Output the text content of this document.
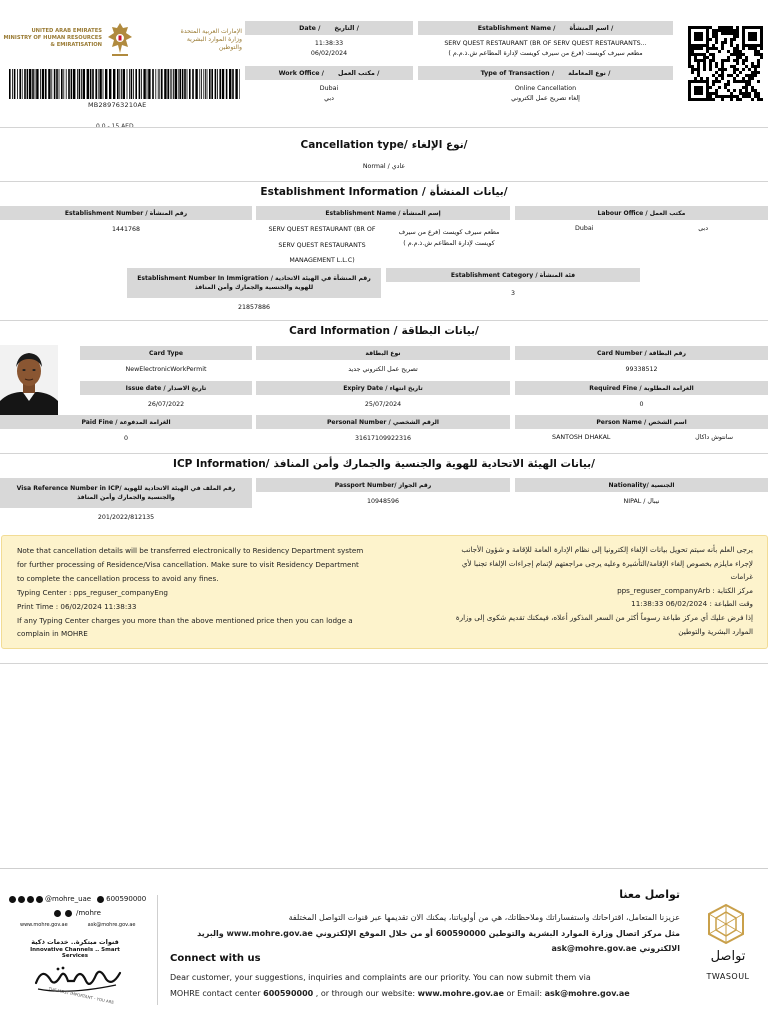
UNITED ARAB EMIRATES
MINISTRY OF HUMAN RESOURCES
& EMIRATISATION
الإمارات العربية المتحدة
وزارة الموارد البشرية
والتوطين
MB289763210AE
Date / التاريخ /
11:38:33
06/02/2024
Establishment Name / اسم المنشأة /
SERV QUEST RESTAURANT (BR OF SERV QUEST RESTAURANTS...
مطعم سيرف كويست (فرع من سيرف كويست لإدارة المطاعم ش.ذ.م.م )
Work Office / مكتب العمل /
Dubai
دبي
Type of Transaction / نوع المعاملة /
Online Cancellation
إلغاء تصريح عمل الكتروني
Cancellation type/ نوع الإلغاء/
Normal / عادي
Establishment Information / بيانات المنشأة/
Establishment Number / رقم المنشأة
1441768
Establishment Name / إسم المنشأة
SERV QUEST RESTAURANT (BR OF SERV QUEST RESTAURANTS MANAGEMENT L.L.C)
مطعم سيرف كويست (فرع من سيرف كويست لإدارة المطاعم ش.ذ.م.م )
Labour Office / مكتب العمل
Dubai	دبى
Establishment Number In Immigration / رقم المنشأة في الهيئة الاتحادية للهوية والجنسية والجمارك وأمن المنافذ
21857886
Establishment Category / فئة المنشأة
3
Card Information / بيانات البطاقة/
Card Type
NewElectronicWorkPermit
نوع البطاقة
تصريح عمل الكتروني جديد
Card Number / رقم البطاقة
99338512
Issue date / تاريخ الاصدار
26/07/2022
Expiry Date / تاريخ انتهاء
25/07/2024
Required Fine / الغرامة المطلوبة
0
Paid Fine / الغرامة المدفوعة
0
Personal Number / الرقم الشخصي
31617109922316
Person Name / اسم الشخص
SANTOSH DHAKAL	سانتوش داكال
ICP Information/ بيانات الهيئة الاتحادية للهوية والجنسية والجمارك وأمن المنافذ/
Visa Reference Number in ICP/ رقم الملف في الهيئة الاتحادية للهوية والجنسية والجمارك وأمن المنافذ
201/2022/812135
Passport Number/ رقم الجواز
10948596
Nationality/ الجنسية
NIPAL / نيبال
Note that cancellation details will be transferred electronically to Residency Department system
for further processing of Residence/Visa cancellation. Make sure to visit Residency Department
to complete the cancellation process to avoid any fines.
Typing Center : pps_reguser_companyEng
Print Time : 06/02/2024 11:38:33
If any Typing Center charges you more than the above mentioned price then you can lodge a
complain in MOHRE
يرجى العلم بأنه سيتم تحويل بيانات الإلغاء إلكترونيا إلى نظام الإدارة العامة للإقامة و شؤون الأجانب
لإجراء مايلزم بخصوص إلغاء الإقامة/التأشيرة وعليه يرجى مراجعتهم لإتمام إجراءات الإلغاء تجنبا لأي
غرامات
مركز الكتابة : pps_reguser_companyArb
وقت الطباعة : 06/02/2024 11:38:33
إذا فرض عليك أي مركز طباعة رسوماً أكثر من السعر المذكور أعلاه، فيمكنك تقديم شكوى إلى وزارة
الموارد البشرية والتوطين
@mohre_uae 600590000
/mohre
www.mohre.gov.ae	ask@mohre.gov.ae
قنوات مبتكرة.. خدمات ذكية
Innovative Channels .. Smart Services
THE MOST IMPORTANT - YOU ARE
تواصل معنا
عزيزنا المتعامل، اقتراحاتك واستفساراتك وملاحظاتك، هي من أولوياتنا، يمكنك الان تقديمها عبر قنوات التواصل المختلفة
مثل مركز اتصال وزارة الموارد البشرية والتوطين 600590000 أو من خلال الموقع الإلكتروني www.mohre.gov.ae والبريد
الالكتروني ask@mohre.gov.ae
Connect with us
Dear customer, your suggestions, inquiries and complaints are our priority. You can now submit them via
MOHRE contact center 600590000 , or through our website: www.mohre.gov.ae or Email: ask@mohre.gov.ae
تواصل
TWASOUL
